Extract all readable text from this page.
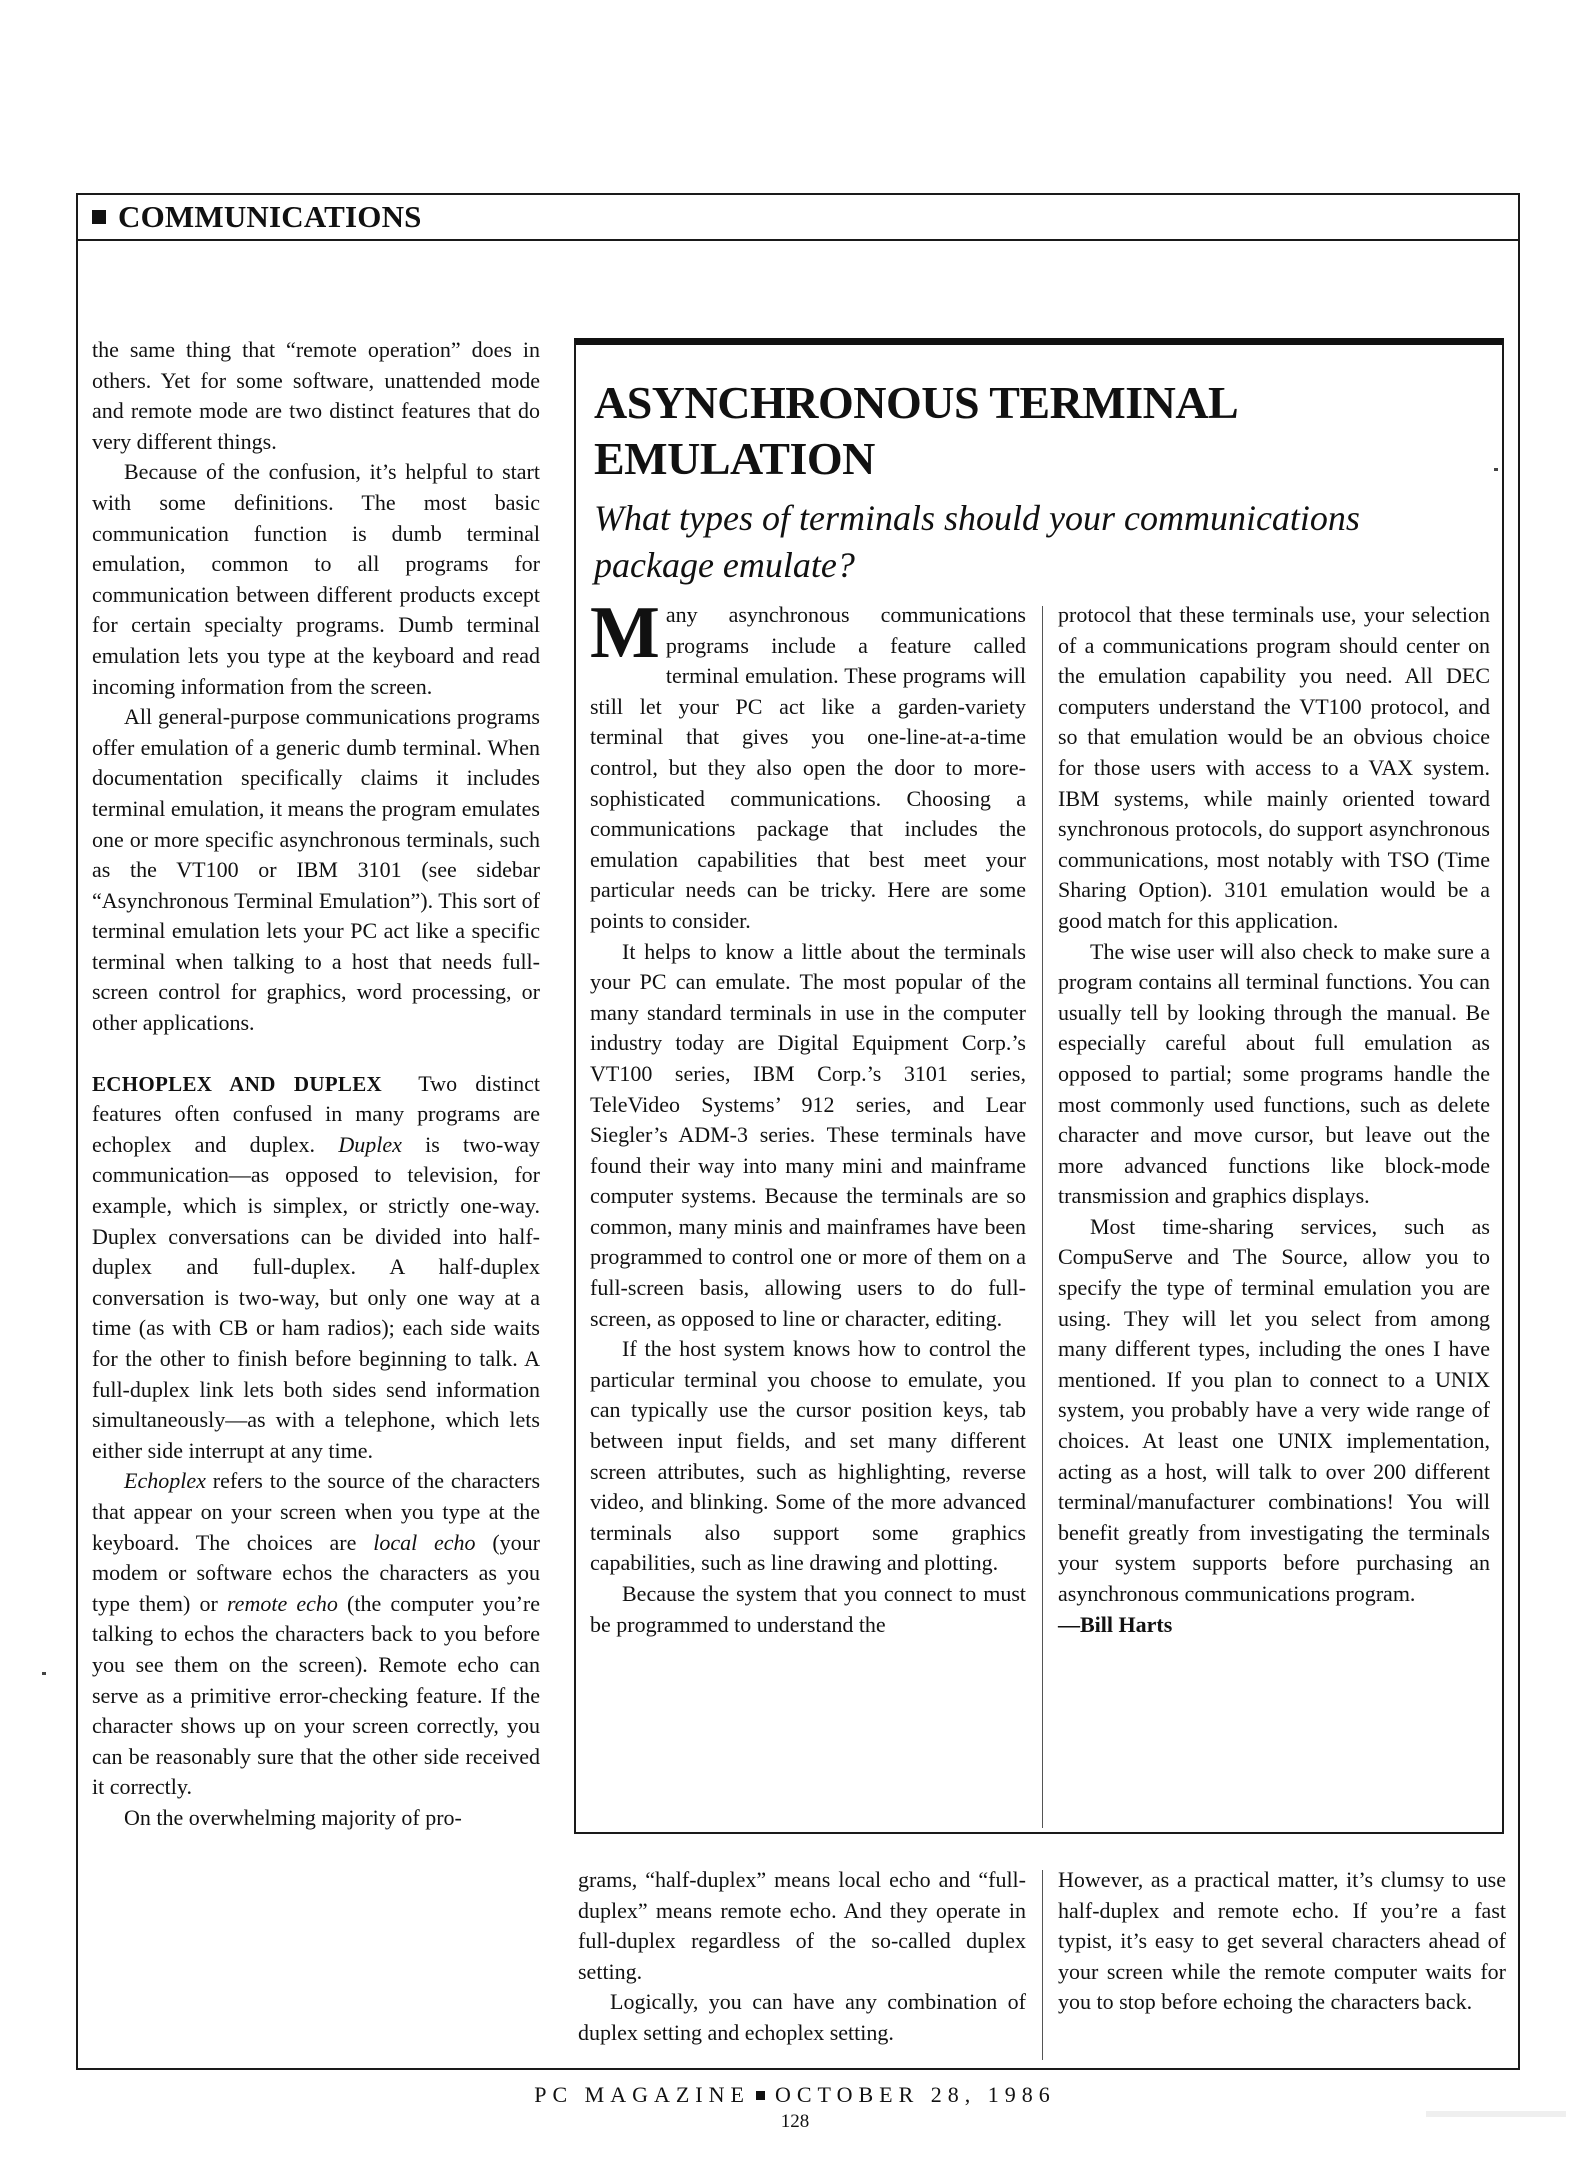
COMMUNICATIONS

the same thing that “remote operation” does in others. Yet for some software, unattended mode and remote mode are two distinct features that do very different things.

Because of the confusion, it’s helpful to start with some definitions. The most basic communication function is dumb terminal emulation, common to all programs for communication between different products except for certain specialty programs. Dumb terminal emulation lets you type at the keyboard and read incoming information from the screen.

All general-purpose communications programs offer emulation of a generic dumb terminal. When documentation specifically claims it includes terminal emulation, it means the program emulates one or more specific asynchronous terminals, such as the VT100 or IBM 3101 (see sidebar “Asynchronous Terminal Emulation”). This sort of terminal emulation lets your PC act like a specific terminal when talking to a host that needs full-screen control for graphics, word processing, or other applications.

ECHOPLEX AND DUPLEX Two distinct features often confused in many programs are echoplex and duplex. Duplex is two-way communication—as opposed to television, for example, which is simplex, or strictly one-way. Duplex conversations can be divided into half-duplex and full-duplex. A half-duplex conversation is two-way, but only one way at a time (as with CB or ham radios); each side waits for the other to finish before beginning to talk. A full-duplex link lets both sides send information simultaneously—as with a telephone, which lets either side interrupt at any time.

Echoplex refers to the source of the characters that appear on your screen when you type at the keyboard. The choices are local echo (your modem or software echos the characters as you type them) or remote echo (the computer you’re talking to echos the characters back to you before you see them on the screen). Remote echo can serve as a primitive error-checking feature. If the character shows up on your screen correctly, you can be reasonably sure that the other side received it correctly.

On the overwhelming majority of pro-

ASYNCHRONOUS TERMINAL EMULATION
What types of terminals should your communications package emulate?

Many asynchronous communications programs include a feature called terminal emulation. These programs will still let your PC act like a garden-variety terminal that gives you one-line-at-a-time control, but they also open the door to more-sophisticated communications. Choosing a communications package that includes the emulation capabilities that best meet your particular needs can be tricky. Here are some points to consider.

It helps to know a little about the terminals your PC can emulate. The most popular of the many standard terminals in use in the computer industry today are Digital Equipment Corp.’s VT100 series, IBM Corp.’s 3101 series, TeleVideo Systems’ 912 series, and Lear Siegler’s ADM-3 series. These terminals have found their way into many mini and mainframe computer systems. Because the terminals are so common, many minis and mainframes have been programmed to control one or more of them on a full-screen basis, allowing users to do full-screen, as opposed to line or character, editing.

If the host system knows how to control the particular terminal you choose to emulate, you can typically use the cursor position keys, tab between input fields, and set many different screen attributes, such as highlighting, reverse video, and blinking. Some of the more advanced terminals also support some graphics capabilities, such as line drawing and plotting.

Because the system that you connect to must be programmed to understand the

protocol that these terminals use, your selection of a communications program should center on the emulation capability you need. All DEC computers understand the VT100 protocol, and so that emulation would be an obvious choice for those users with access to a VAX system. IBM systems, while mainly oriented toward synchronous protocols, do support asynchronous communications, most notably with TSO (Time Sharing Option). 3101 emulation would be a good match for this application.

The wise user will also check to make sure a program contains all terminal functions. You can usually tell by looking through the manual. Be especially careful about full emulation as opposed to partial; some programs handle the most commonly used functions, such as delete character and move cursor, but leave out the more advanced functions like block-mode transmission and graphics displays.

Most time-sharing services, such as CompuServe and The Source, allow you to specify the type of terminal emulation you are using. They will let you select from among many different types, including the ones I have mentioned. If you plan to connect to a UNIX system, you probably have a very wide range of choices. At least one UNIX implementation, acting as a host, will talk to over 200 different terminal/manufacturer combinations! You will benefit greatly from investigating the terminals your system supports before purchasing an asynchronous communications program.

—Bill Harts

grams, “half-duplex” means local echo and “full-duplex” means remote echo. And they operate in full-duplex regardless of the so-called duplex setting.

Logically, you can have any combination of duplex setting and echoplex setting.

However, as a practical matter, it’s clumsy to use half-duplex and remote echo. If you’re a fast typist, it’s easy to get several characters ahead of your screen while the remote computer waits for you to stop before echoing the characters back.

PC MAGAZINE OCTOBER 28, 1986
128
